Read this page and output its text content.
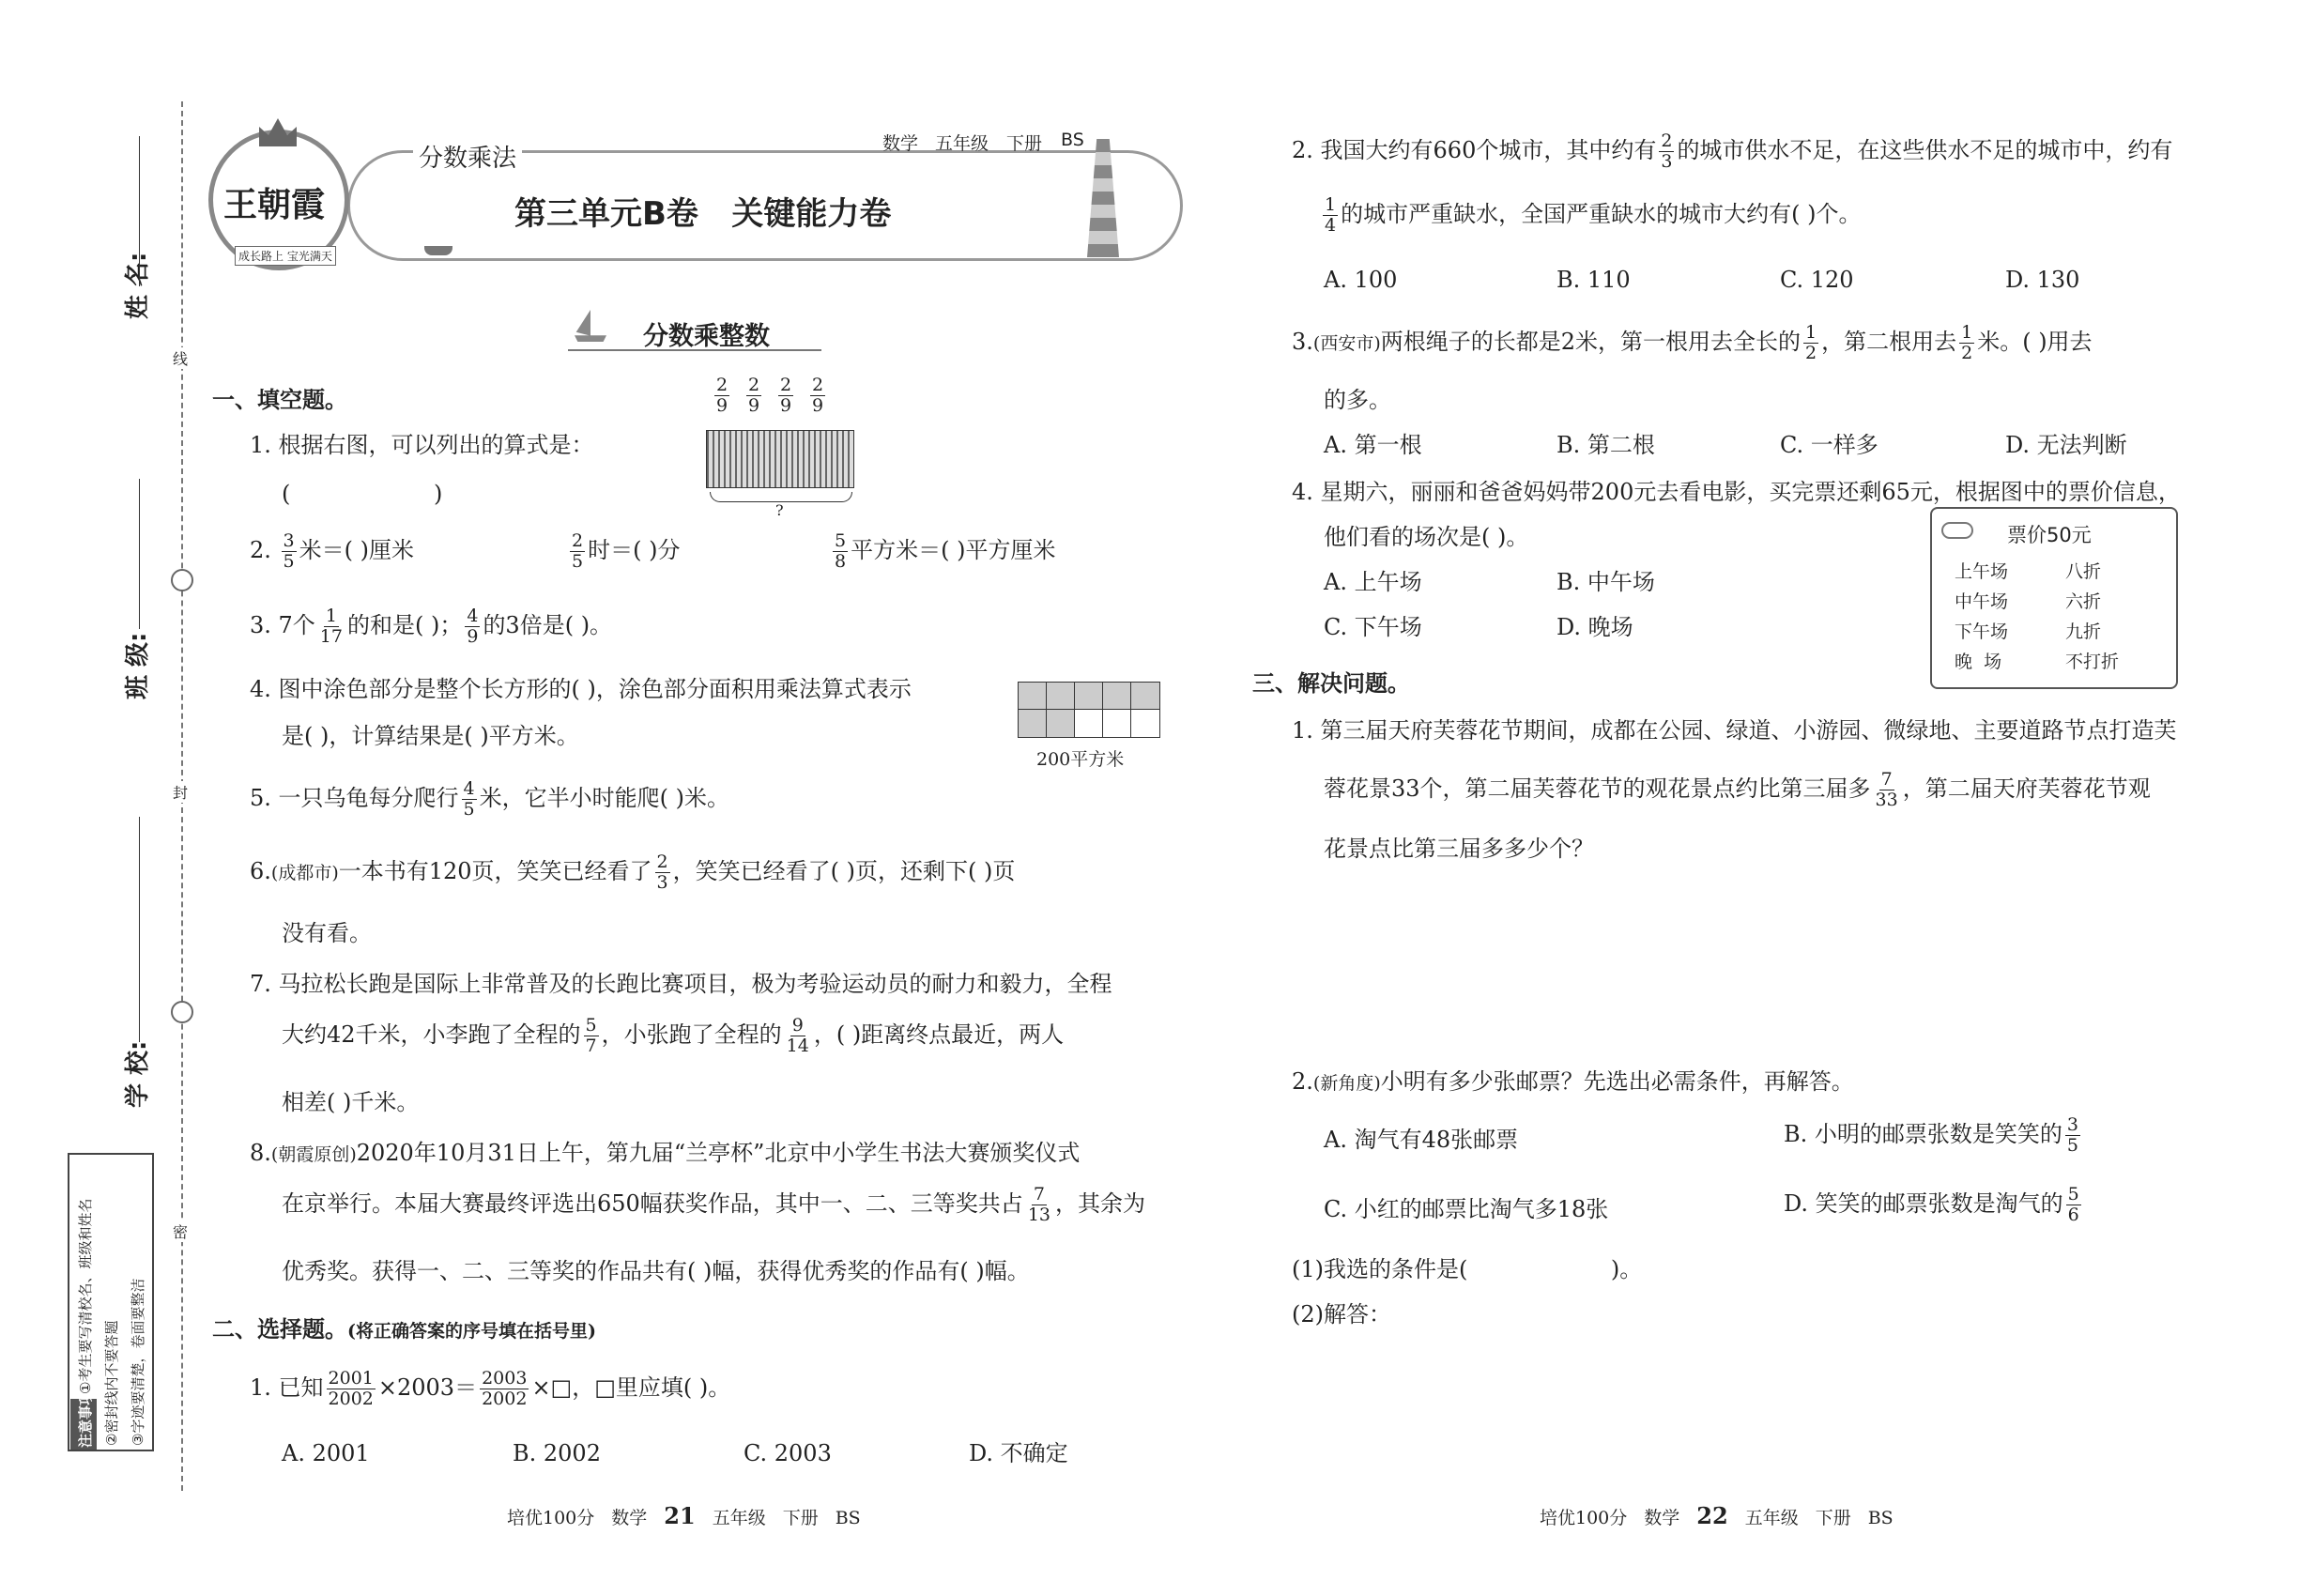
线
封
密
姓 名:
班 级:
学 校:
注意事项
①考生要写清校名、班级和姓名 ②密封线内不要答题 ③字迹要清楚，卷面要整洁
王朝霞
成长路上 宝光满天
分数乘法
数学 五年级 下册 BS
第三单元B卷   关键能力卷
分数乘整数
一、填空题。
1. 根据右图，可以列出的算式是：
(                    )
$\frac{2}{9} \frac{2}{9} \frac{2}{9} \frac{2}{9}$
?
2. $\frac{3}{5}$ 米＝( )厘米	$\frac{2}{5}$ 时＝( )分	$\frac{5}{8}$ 平方米＝( )平方厘米
3. 7个 $\frac{1}{17}$ 的和是( )； $\frac{4}{9}$ 的3倍是( )。
4. 图中涂色部分是整个长方形的( )，涂色部分面积用乘法算式表示
是( )，计算结果是( )平方米。
200平方米
5. 一只乌龟每分爬行 $\frac{4}{5}$ 米，它半小时能爬( )米。
6.(成都市)一本书有120页，笑笑已经看了 $\frac{2}{3}$ ，笑笑已经看了( )页，还剩下( )页
没有看。
7. 马拉松长跑是国际上非常普及的长跑比赛项目，极为考验运动员的耐力和毅力，全程
大约42千米，小李跑了全程的 $\frac{5}{7}$ ，小张跑了全程的 $\frac{9}{14}$ ，( )距离终点最近，两人
相差( )千米。
8.(朝霞原创)2020年10月31日上午，第九届“兰亭杯”北京中小学生书法大赛颁奖仪式
在京举行。本届大赛最终评选出650幅获奖作品，其中一、二、三等奖共占 $\frac{7}{13}$ ，其余为
优秀奖。获得一、二、三等奖的作品共有( )幅，获得优秀奖的作品有( )幅。
二、选择题。(将正确答案的序号填在括号里)
1. 已知 $\frac{2001}{2002} \times 2003= \frac{2003}{2002}$ ×□，□里应填( )。
A. 2001	B. 2002	C. 2003	D. 不确定
培优100分 数学 21 五年级 下册 BS
2. 我国大约有660个城市，其中约有 $\frac{2}{3}$ 的城市供水不足，在这些供水不足的城市中，约有
$\frac{1}{4}$ 的城市严重缺水，全国严重缺水的城市大约有( )个。
A. 100	B. 110	C. 120	D. 130
3.(西安市)两根绳子的长都是2米，第一根用去全长的 $\frac{1}{2}$ ，第二根用去 $\frac{1}{2}$ 米。( )用去
的多。
A. 第一根	B. 第二根	C. 一样多	D. 无法判断
4. 星期六，丽丽和爸爸妈妈带200元去看电影，买完票还剩65元，根据图中的票价信息，
他们看的场次是( )。
A. 上午场	B. 中午场
C. 下午场	D. 晚场
票价50元
上午场	八折
中午场	六折
下午场	九折
晚  场	不打折
三、解决问题。
1. 第三届天府芙蓉花节期间，成都在公园、绿道、小游园、微绿地、主要道路节点打造芙
蓉花景33个，第二届芙蓉花节的观花景点约比第三届多 $\frac{7}{33}$ ，第二届天府芙蓉花节观
花景点比第三届多多少个？
2.(新角度)小明有多少张邮票？先选出必需条件，再解答。
A. 淘气有48张邮票	B. 小明的邮票张数是笑笑的 $\frac{3}{5}$
C. 小红的邮票比淘气多18张	D. 笑笑的邮票张数是淘气的 $\frac{5}{6}$
(1)我选的条件是(                    )。
(2)解答：
培优100分 数学 22 五年级 下册 BS
